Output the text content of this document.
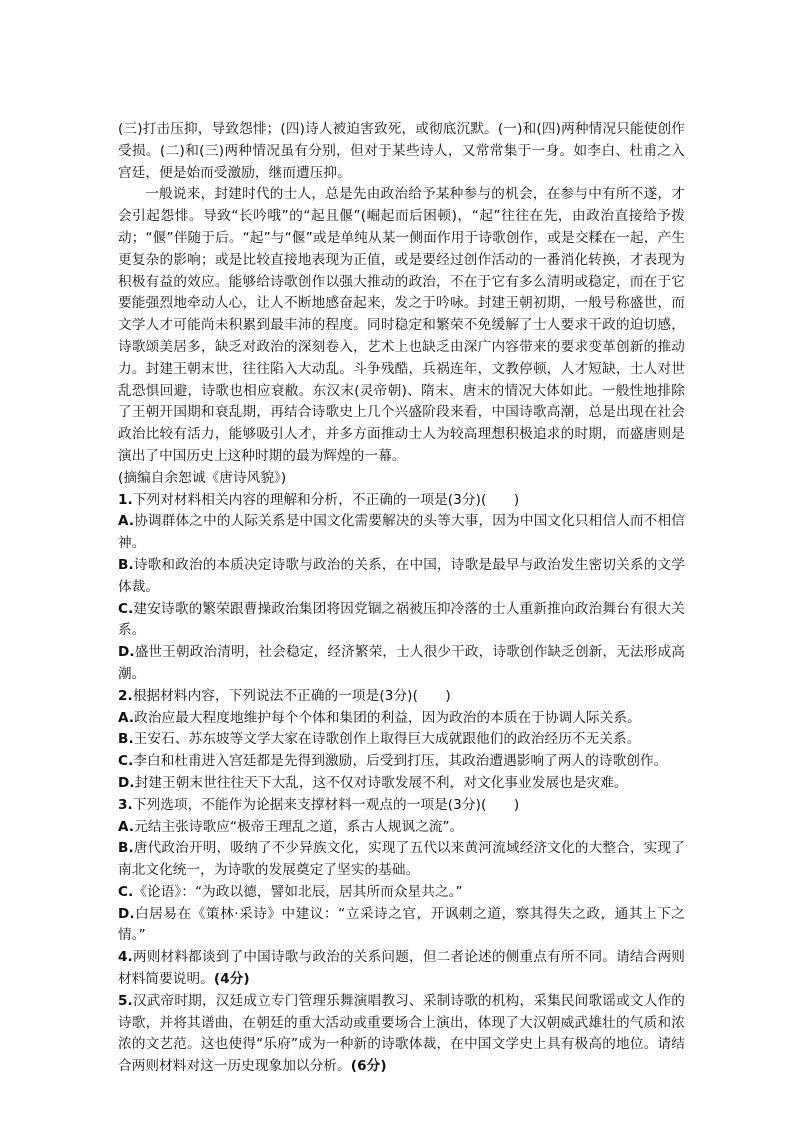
(三)打击压抑，导致怨悱；(四)诗人被迫害致死，或彻底沉默。(一)和(四)两种情况只能使创作受损。(二)和(三)两种情况虽有分别，但对于某些诗人，又常常集于一身。如李白、杜甫之入宫廷，便是始而受激励，继而遭压抑。

一般说来，封建时代的士人，总是先由政治给予某种参与的机会，在参与中有所不遂，才会引起怨悱。导致“长吟哦”的“起且偃”(崛起而后困顿)，“起”往往在先，由政治直接给予拨动；“偃”伴随于后。“起”与“偃”或是单纯从某一侧面作用于诗歌创作，或是交糅在一起，产生更复杂的影响；或是比较直接地表现为正值，或是要经过创作活动的一番消化转换，才表现为积极有益的效应。能够给诗歌创作以强大推动的政治，不在于它有多么清明或稳定，而在于它要能强烈地牵动人心，让人不断地感奋起来，发之于吟咏。封建王朝初期，一般号称盛世，而文学人才可能尚未积累到最丰沛的程度。同时稳定和繁荣不免缓解了士人要求干政的迫切感，诗歌颂美居多，缺乏对政治的深刻卷入，艺术上也缺乏由深广内容带来的要求变革创新的推动力。封建王朝末世，往往陷入大动乱。斗争残酷，兵祸连年，文教停顿，人才短缺，士人对世乱恐惧回避，诗歌也相应衰敝。东汉末(灵帝朝)、隋末、唐末的情况大体如此。一般性地排除了王朝开国期和衰乱期，再结合诗歌史上几个兴盛阶段来看，中国诗歌高潮，总是出现在社会政治比较有活力，能够吸引人才，并多方面推动士人为较高理想积极追求的时期，而盛唐则是演出了中国历史上这种时期的最为辉煌的一幕。

(摘编自余恕诚《唐诗风貌》)

1.下列对材料相关内容的理解和分析，不正确的一项是(3分)(　　)

A.协调群体之中的人际关系是中国文化需要解决的头等大事，因为中国文化只相信人而不相信神。

B.诗歌和政治的本质决定诗歌与政治的关系，在中国，诗歌是最早与政治发生密切关系的文学体裁。

C.建安诗歌的繁荣跟曹操政治集团将因党锢之祸被压抑冷落的士人重新推向政治舞台有很大关系。

D.盛世王朝政治清明，社会稳定，经济繁荣，士人很少干政，诗歌创作缺乏创新，无法形成高潮。

2.根据材料内容，下列说法不正确的一项是(3分)(　　)

A.政治应最大程度地维护每个个体和集团的利益，因为政治的本质在于协调人际关系。

B.王安石、苏东坡等文学大家在诗歌创作上取得巨大成就跟他们的政治经历不无关系。

C.李白和杜甫进入宫廷都是先得到激励，后受到打压，其政治遭遇影响了两人的诗歌创作。

D.封建王朝末世往往天下大乱，这不仅对诗歌发展不利，对文化事业发展也是灾难。

3.下列选项，不能作为论据来支撑材料一观点的一项是(3分)(　　)

A.元结主张诗歌应“极帝王理乱之道，系古人规讽之流”。

B.唐代政治开明，吸纳了不少异族文化，实现了五代以来黄河流域经济文化的大整合，实现了南北文化统一，为诗歌的发展奠定了坚实的基础。

C.《论语》：“为政以德，譬如北辰，居其所而众星共之。”

D.白居易在《策林·采诗》中建议：“立采诗之官，开讽刺之道，察其得失之政，通其上下之情。”

4.两则材料都谈到了中国诗歌与政治的关系问题，但二者论述的侧重点有所不同。请结合两则材料简要说明。(4分)

5.汉武帝时期，汉廷成立专门管理乐舞演唱教习、采制诗歌的机构，采集民间歌谣或文人作的诗歌，并将其谱曲，在朝廷的重大活动或重要场合上演出，体现了大汉朝威武雄壮的气质和浓浓的文艺范。这也使得“乐府”成为一种新的诗歌体裁，在中国文学史上具有极高的地位。请结合两则材料对这一历史现象加以分析。(6分)
